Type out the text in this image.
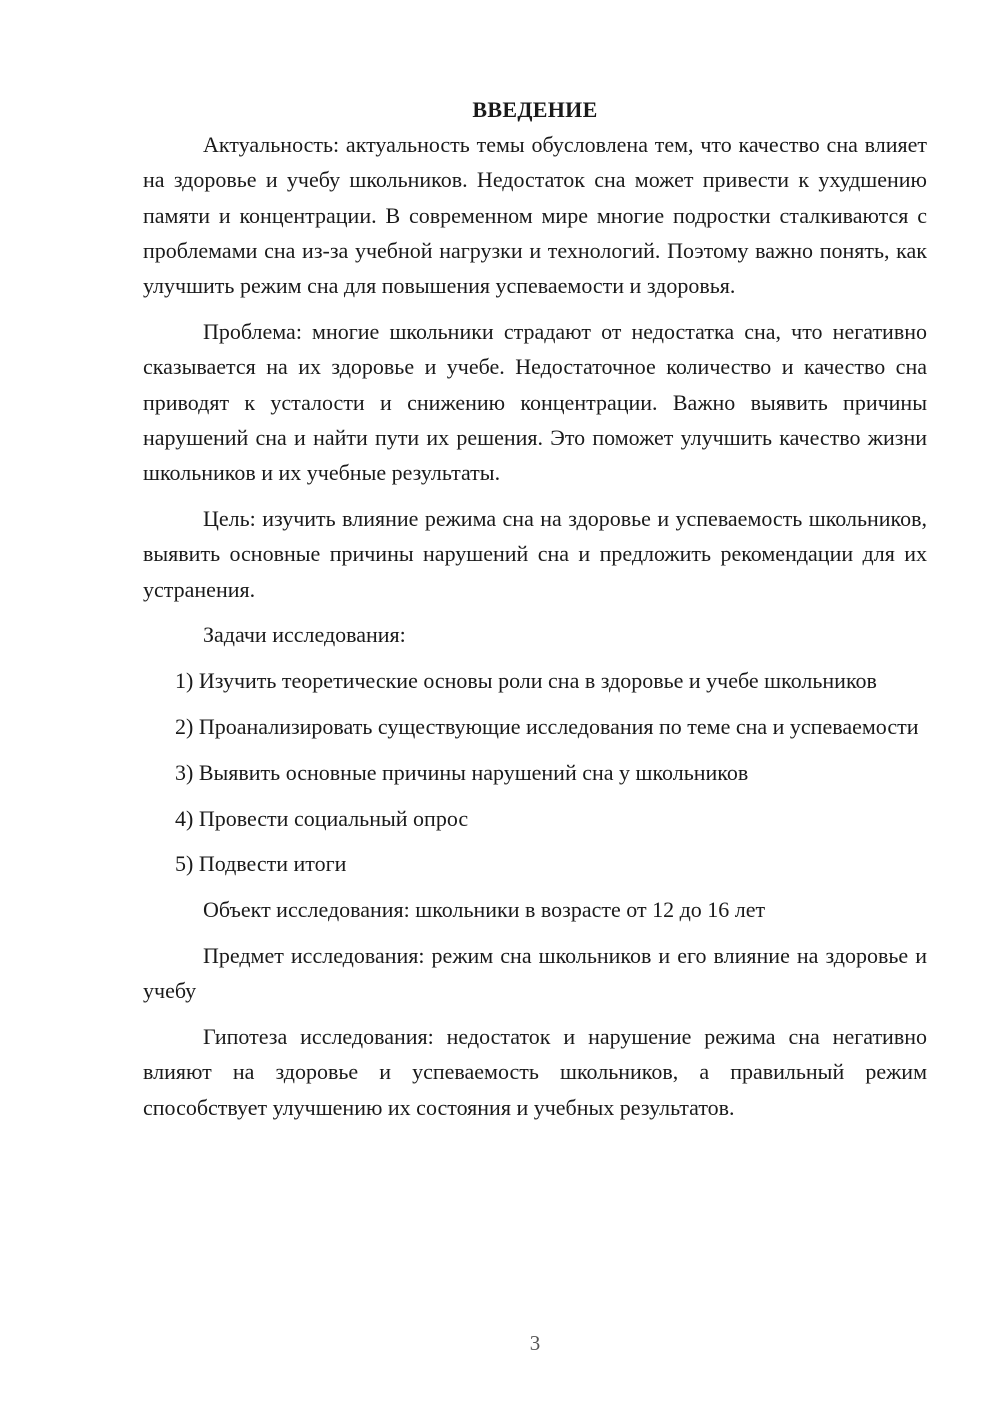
ВВЕДЕНИЕ

Актуальность: актуальность темы обусловлена тем, что качество сна влияет на здоровье и учебу школьников. Недостаток сна может привести к ухудшению памяти и концентрации. В современном мире многие подростки сталкиваются с проблемами сна из-за учебной нагрузки и технологий. Поэтому важно понять, как улучшить режим сна для повышения успеваемости и здоровья.

Проблема: многие школьники страдают от недостатка сна, что негативно сказывается на их здоровье и учебе. Недостаточное количество и качество сна приводят к усталости и снижению концентрации. Важно выявить причины нарушений сна и найти пути их решения. Это поможет улучшить качество жизни школьников и их учебные результаты.

Цель: изучить влияние режима сна на здоровье и успеваемость школьников, выявить основные причины нарушений сна и предложить рекомендации для их устранения.

Задачи исследования:

1) Изучить теоретические основы роли сна в здоровье и учебе школьников

2) Проанализировать существующие исследования по теме сна и успеваемости

3) Выявить основные причины нарушений сна у школьников

4) Провести социальный опрос

5) Подвести итоги

Объект исследования: школьники в возрасте от 12 до 16 лет

Предмет исследования: режим сна школьников и его влияние на здоровье и учебу

Гипотеза исследования: недостаток и нарушение режима сна негативно влияют на здоровье и успеваемость школьников, а правильный режим способствует улучшению их состояния и учебных результатов.

3
